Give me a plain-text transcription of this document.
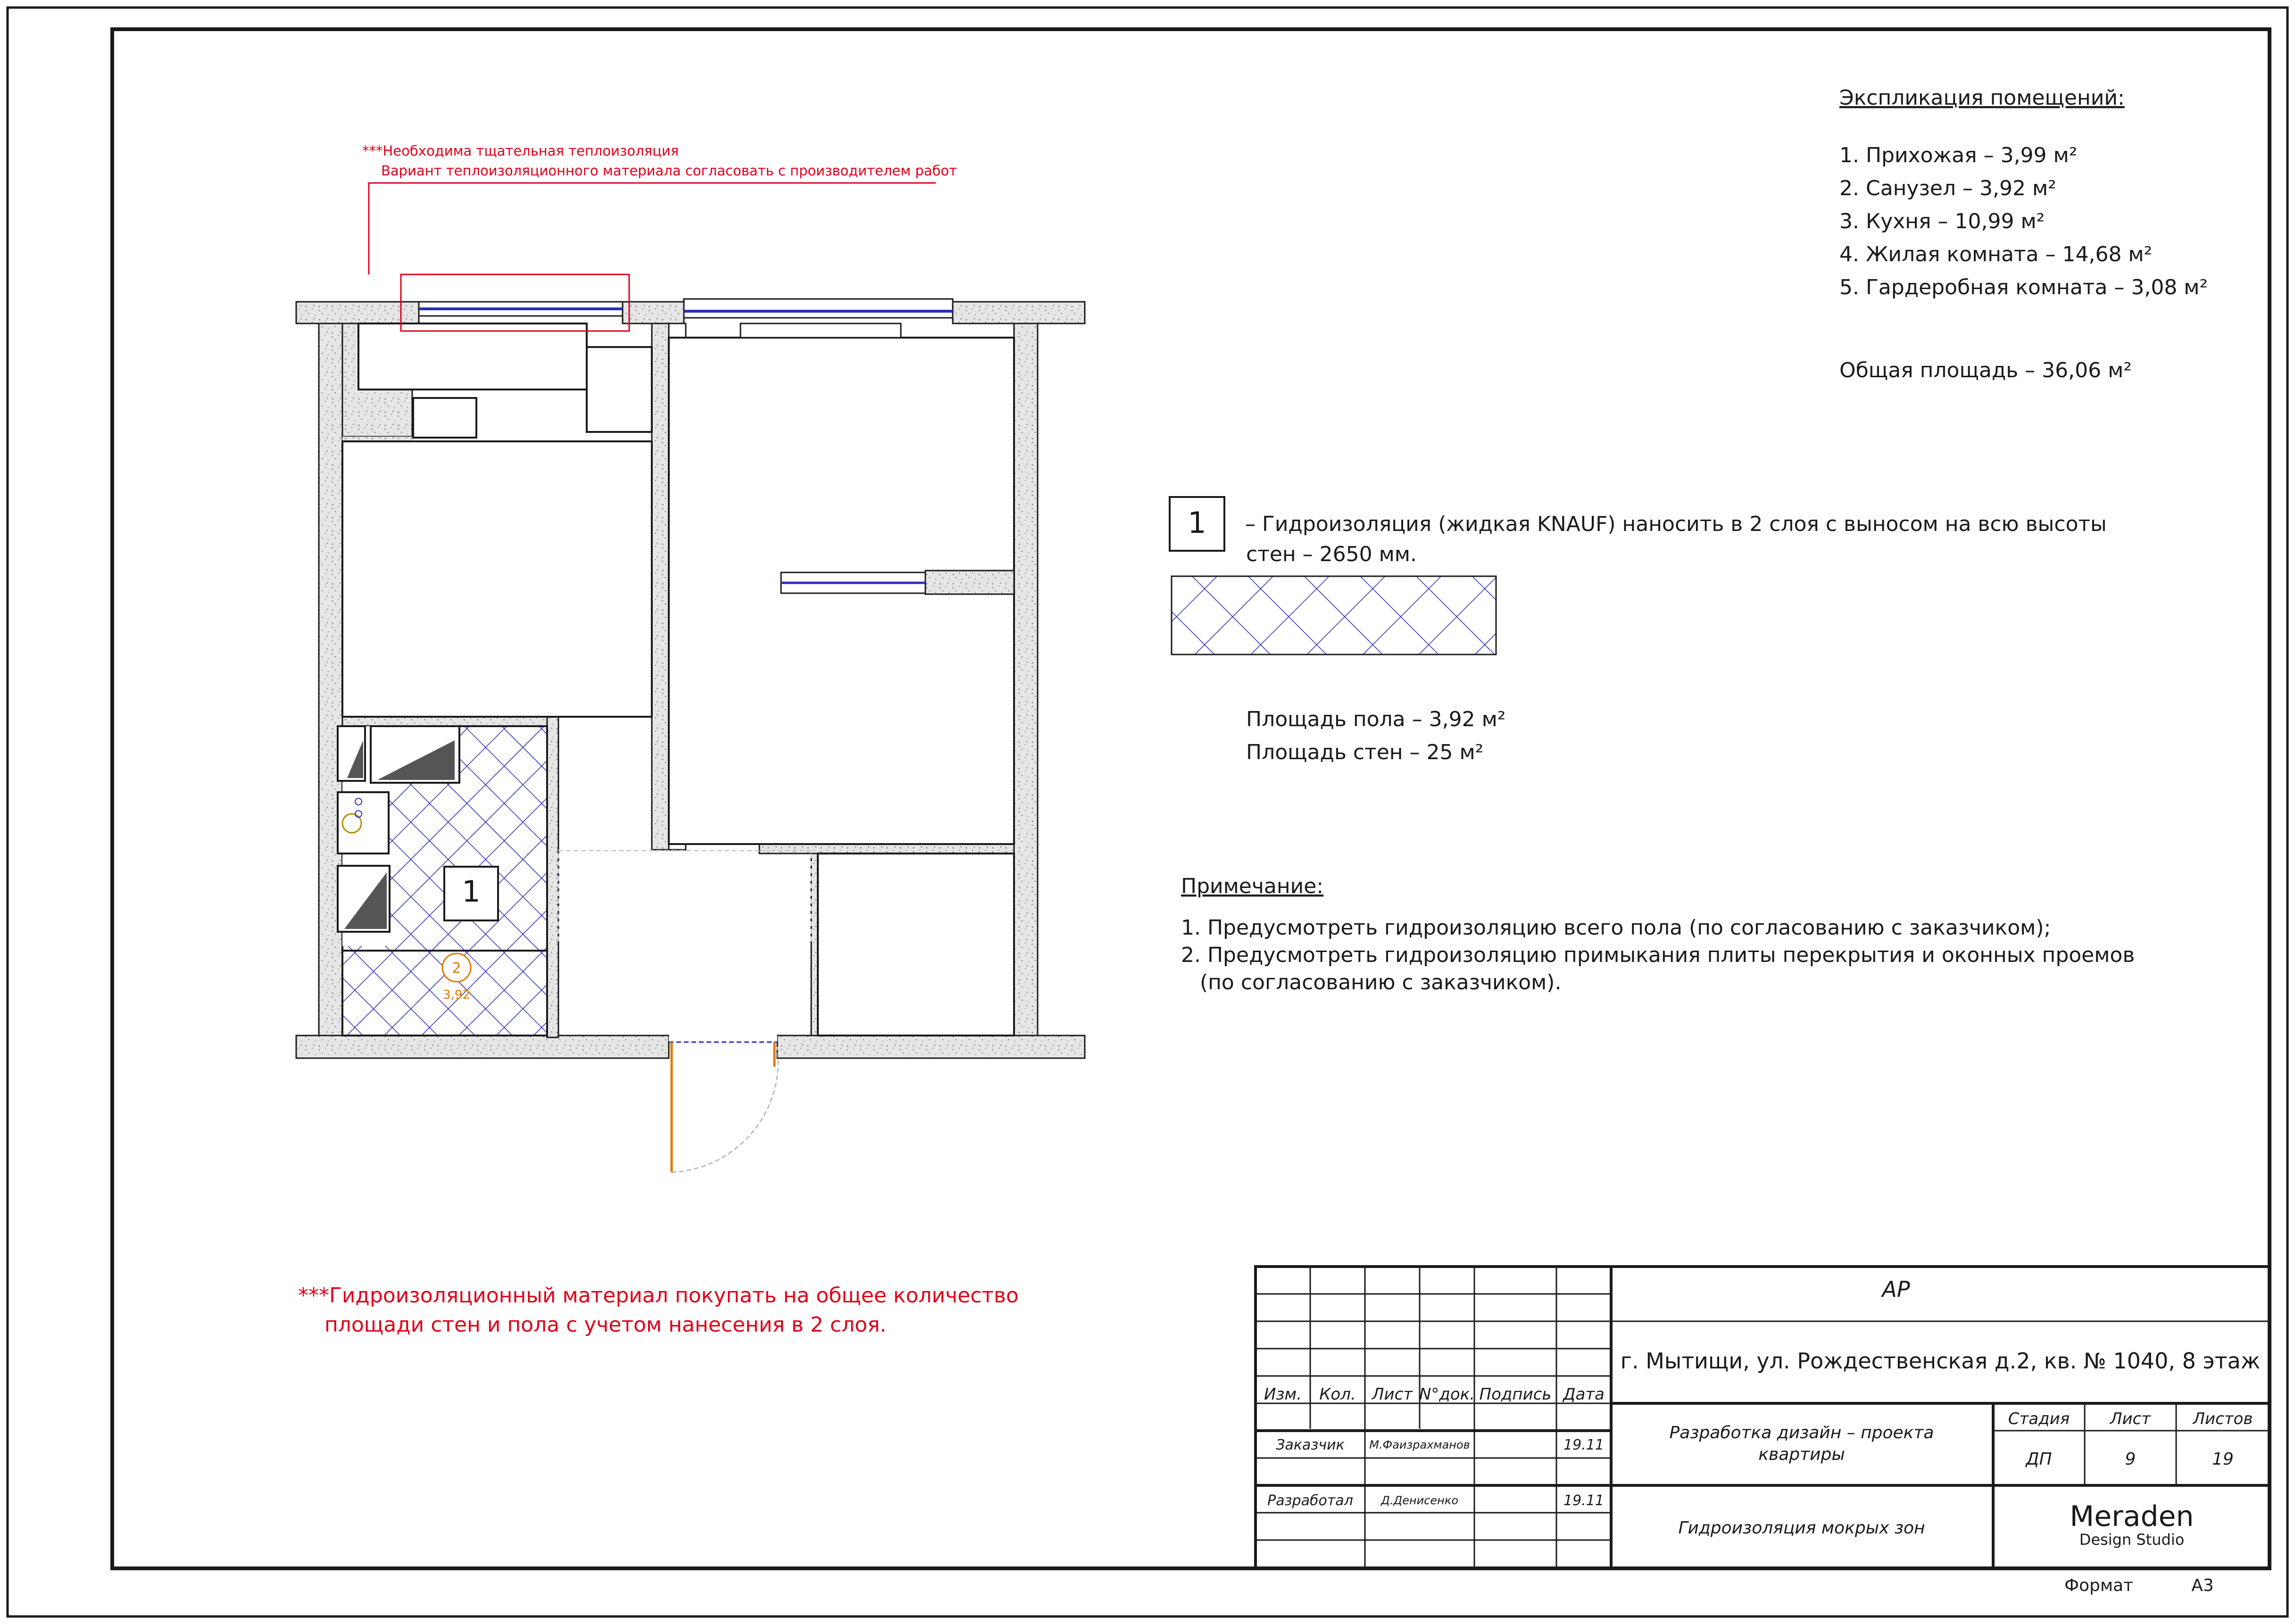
1
2
3,92
***Необходима тщательная теплоизоляция
Вариант теплоизоляционного материала согласовать с производителем работ
***Гидроизоляционный материал покупать на общее количество
площади стен и пола с учетом нанесения в 2 слоя.
Экспликация помещений:
1. Прихожая – 3,99 м²
2. Санузел – 3,92 м²
3. Кухня – 10,99 м²
4. Жилая комната – 14,68 м²
5. Гардеробная комната – 3,08 м²
Общая площадь – 36,06 м²
1 – Гидроизоляция (жидкая KNAUF) наносить в 2 слоя с выносом на всю высоты
стен – 2650 мм.
Площадь пола – 3,92 м²
Площадь стен – 25 м²
Примечание:
1. Предусмотреть гидроизоляцию всего пола (по согласованию с заказчиком);
2. Предусмотреть гидроизоляцию примыкания плиты перекрытия и оконных проемов
(по согласованию с заказчиком).
АР
г. Мытищи, ул. Рождественская д.2, кв. № 1040, 8 этаж
Изм. Кол. Лист N°док. Подпись Дата
Заказчик М.Фаизрахманов	19.11
Разработал Д.Денисенко	19.11
Разработка дизайн – проекта
квартиры
Гидроизоляция мокрых зон
Стадия	Лист	Листов
ДП	9	19
Meraden
Design Studio
Формат	А3
